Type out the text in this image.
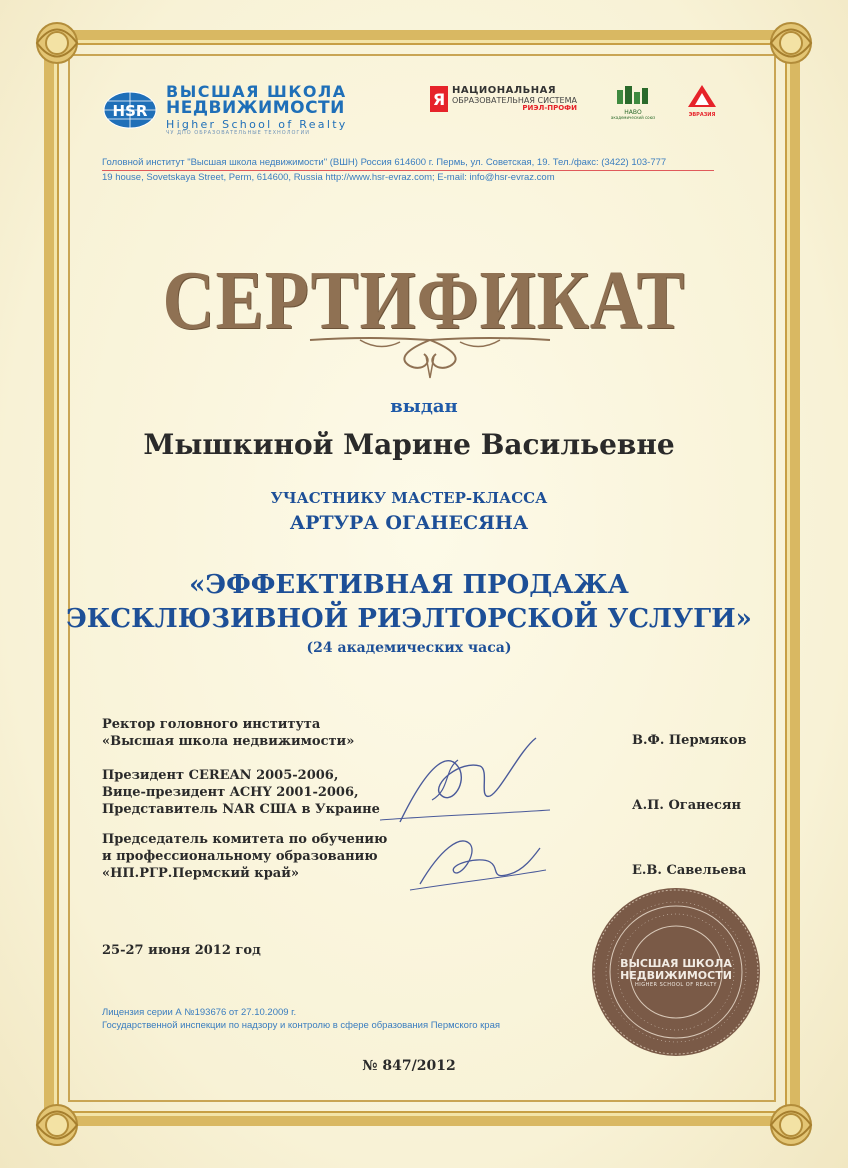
HSR
ВЫСШАЯ ШКОЛА
НЕДВИЖИМОСТИ
Higher School of Realty
ЧУ ДПО ОБРАЗОВАТЕЛЬНЫЕ ТЕХНОЛОГИИ
Я НАЦИОНАЛЬНАЯ
ОБРАЗОВАТЕЛЬНАЯ СИСТЕМА
РИЭЛ-ПРОФИ
НАВО
академический союз	ЭВРАЗИЯ
Головной институт "Высшая школа недвижимости" (ВШН) Россия 614600 г. Пермь, ул. Советская, 19. Тел./факс: (3422) 103-777
19 house, Sovetskaya Street, Perm, 614600, Russia http://www.hsr-evraz.com; E-mail: info@hsr-evraz.com
СЕРТИФИКАТ
выдан
Мышкиной Марине Васильевне
УЧАСТНИКУ МАСТЕР-КЛАССА
АРТУРА ОГАНЕСЯНА
«ЭФФЕКТИВНАЯ ПРОДАЖА
ЭКСКЛЮЗИВНОЙ РИЭЛТОРСКОЙ УСЛУГИ»
(24 академических часа)
Ректор головного института
«Высшая школа недвижимости»	В.Ф. Пермяков
Президент CEREAN 2005-2006,
Вице-президент ACHY 2001-2006,
Представитель NAR США в Украине	А.П. Оганесян
Председатель комитета по обучению
и профессиональному образованию
«НП.РГР.Пермский край»	Е.В. Савельева
25-27 июня 2012 год
Лицензия серии А №193676 от 27.10.2009 г.
Государственной инспекции по надзору и контролю в сфере образования Пермского края
№ 847/2012
ВЫСШАЯ ШКОЛА
НЕДВИЖИМОСТИ
HIGHER SCHOOL OF REALTY
